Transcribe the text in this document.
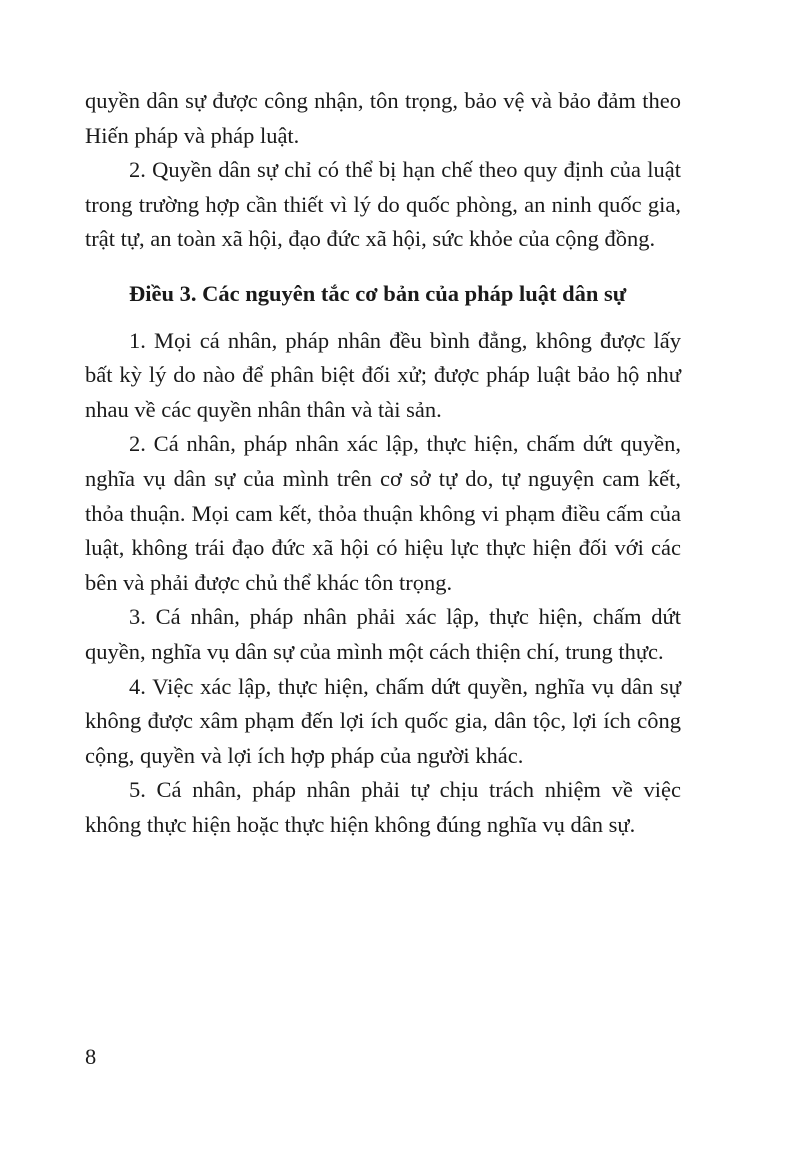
quyền dân sự được công nhận, tôn trọng, bảo vệ và bảo đảm theo Hiến pháp và pháp luật.

2. Quyền dân sự chỉ có thể bị hạn chế theo quy định của luật trong trường hợp cần thiết vì lý do quốc phòng, an ninh quốc gia, trật tự, an toàn xã hội, đạo đức xã hội, sức khỏe của cộng đồng.

Điều 3. Các nguyên tắc cơ bản của pháp luật dân sự

1. Mọi cá nhân, pháp nhân đều bình đẳng, không được lấy bất kỳ lý do nào để phân biệt đối xử; được pháp luật bảo hộ như nhau về các quyền nhân thân và tài sản.

2. Cá nhân, pháp nhân xác lập, thực hiện, chấm dứt quyền, nghĩa vụ dân sự của mình trên cơ sở tự do, tự nguyện cam kết, thỏa thuận. Mọi cam kết, thỏa thuận không vi phạm điều cấm của luật, không trái đạo đức xã hội có hiệu lực thực hiện đối với các bên và phải được chủ thể khác tôn trọng.

3. Cá nhân, pháp nhân phải xác lập, thực hiện, chấm dứt quyền, nghĩa vụ dân sự của mình một cách thiện chí, trung thực.

4. Việc xác lập, thực hiện, chấm dứt quyền, nghĩa vụ dân sự không được xâm phạm đến lợi ích quốc gia, dân tộc, lợi ích công cộng, quyền và lợi ích hợp pháp của người khác.

5. Cá nhân, pháp nhân phải tự chịu trách nhiệm về việc không thực hiện hoặc thực hiện không đúng nghĩa vụ dân sự.

8
